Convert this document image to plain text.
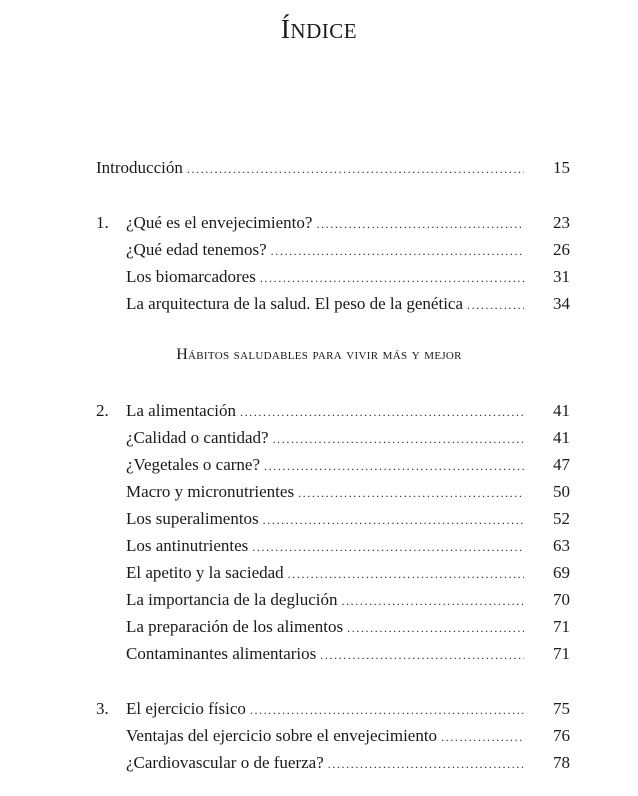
ÍNDICE
Introducción .....	15
1. ¿Qué es el envejecimiento? .....	23
¿Qué edad tenemos? .....	26
Los biomarcadores .....	31
La arquitectura de la salud. El peso de la genética .....	34
Hábitos saludables para vivir más y mejor
2. La alimentación .....	41
¿Calidad o cantidad? .....	41
¿Vegetales o carne? .....	47
Macro y micronutrientes .....	50
Los superalimentos .....	52
Los antinutrientes .....	63
El apetito y la saciedad .....	69
La importancia de la deglución .....	70
La preparación de los alimentos .....	71
Contaminantes alimentarios .....	71
3. El ejercicio físico .....	75
Ventajas del ejercicio sobre el envejecimiento .....	76
¿Cardiovascular o de fuerza? .....	78
